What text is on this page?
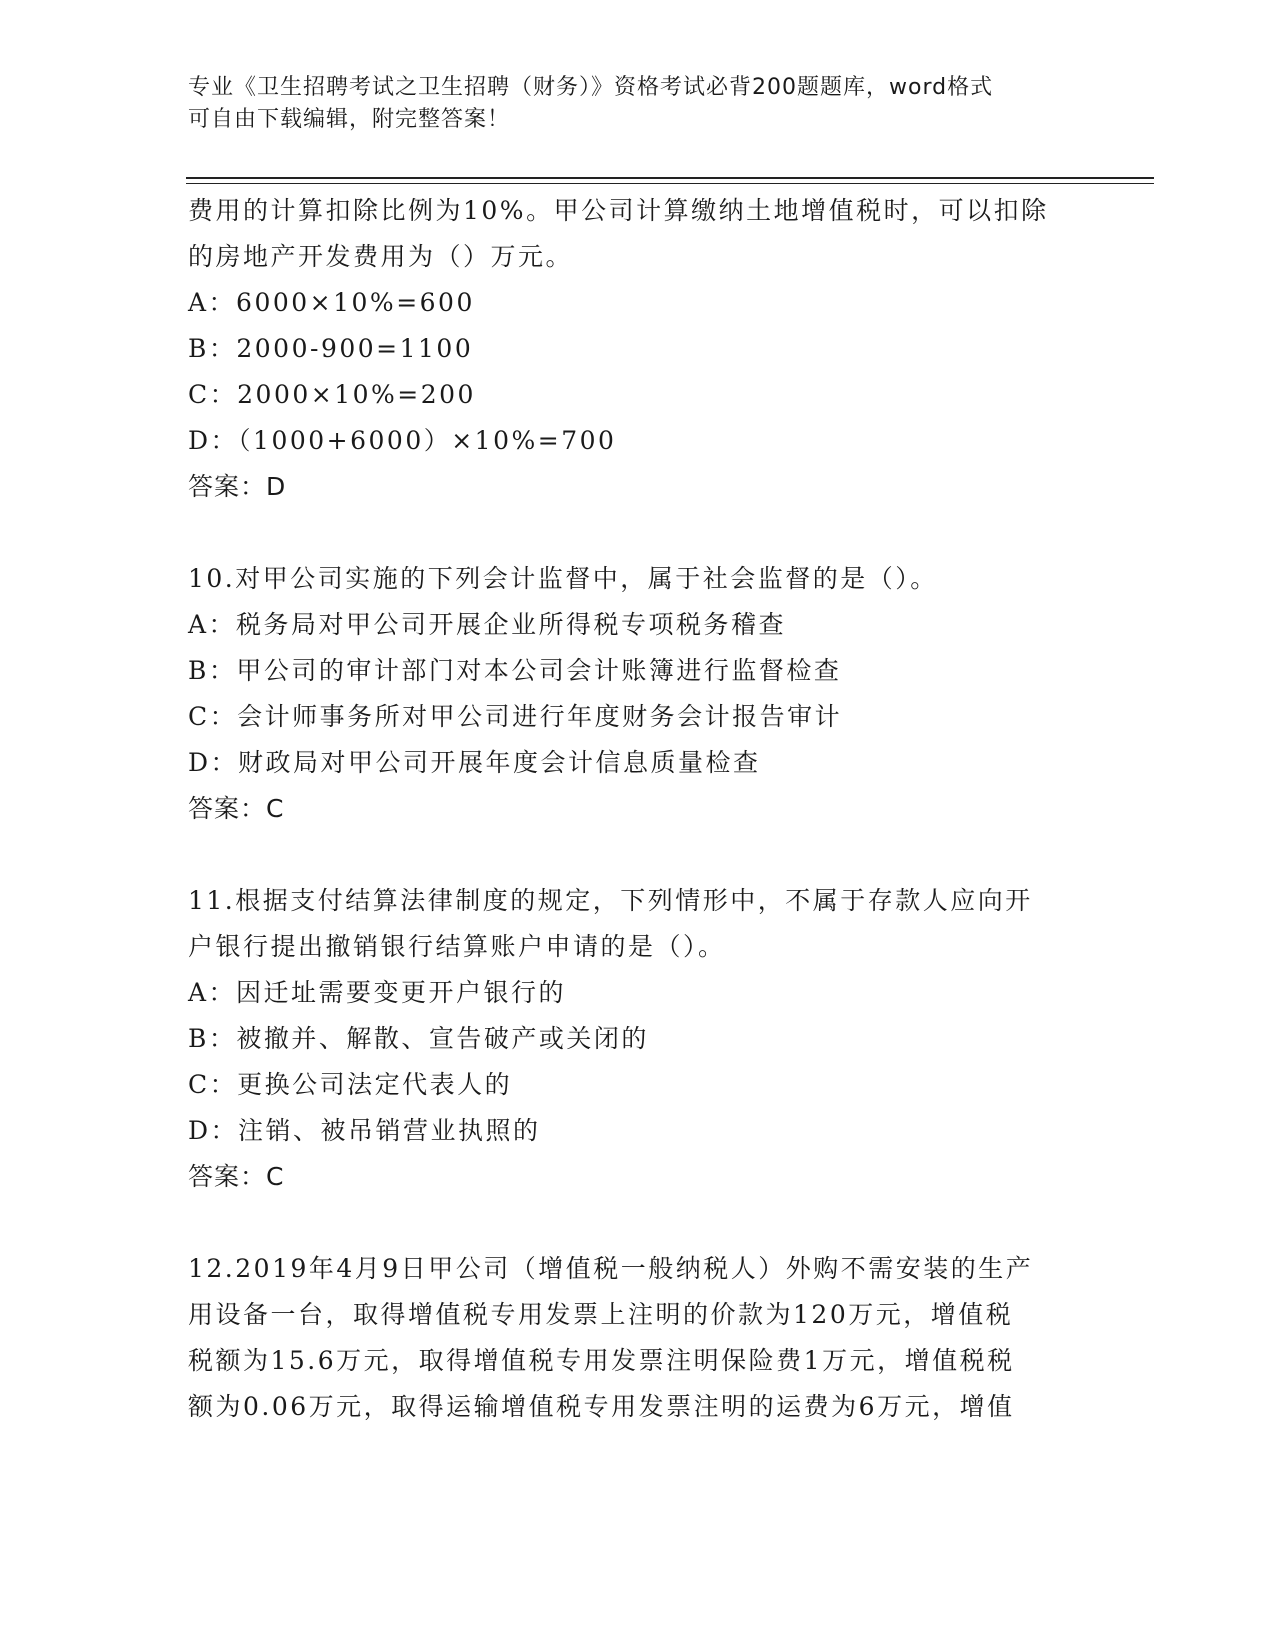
专业《卫生招聘考试之卫生招聘（财务）》资格考试必背200题题库，word格式
可自由下载编辑，附完整答案！
费用的计算扣除比例为10%。甲公司计算缴纳土地增值税时，可以扣除
的房地产开发费用为（）万元。
A：6000×10%=600
B：2000-900=1100
C：2000×10%=200
D：（1000+6000）×10%=700
答案：D
10.对甲公司实施的下列会计监督中，属于社会监督的是（）。
A：税务局对甲公司开展企业所得税专项税务稽查
B：甲公司的审计部门对本公司会计账簿进行监督检查
C：会计师事务所对甲公司进行年度财务会计报告审计
D：财政局对甲公司开展年度会计信息质量检查
答案：C
11.根据支付结算法律制度的规定，下列情形中，不属于存款人应向开
户银行提出撤销银行结算账户申请的是（）。
A：因迁址需要变更开户银行的
B：被撤并、解散、宣告破产或关闭的
C：更换公司法定代表人的
D：注销、被吊销营业执照的
答案：C
12.2019年4月9日甲公司（增值税一般纳税人）外购不需安装的生产
用设备一台，取得增值税专用发票上注明的价款为120万元，增值税
税额为15.6万元，取得增值税专用发票注明保险费1万元，增值税税
额为0.06万元，取得运输增值税专用发票注明的运费为6万元，增值
